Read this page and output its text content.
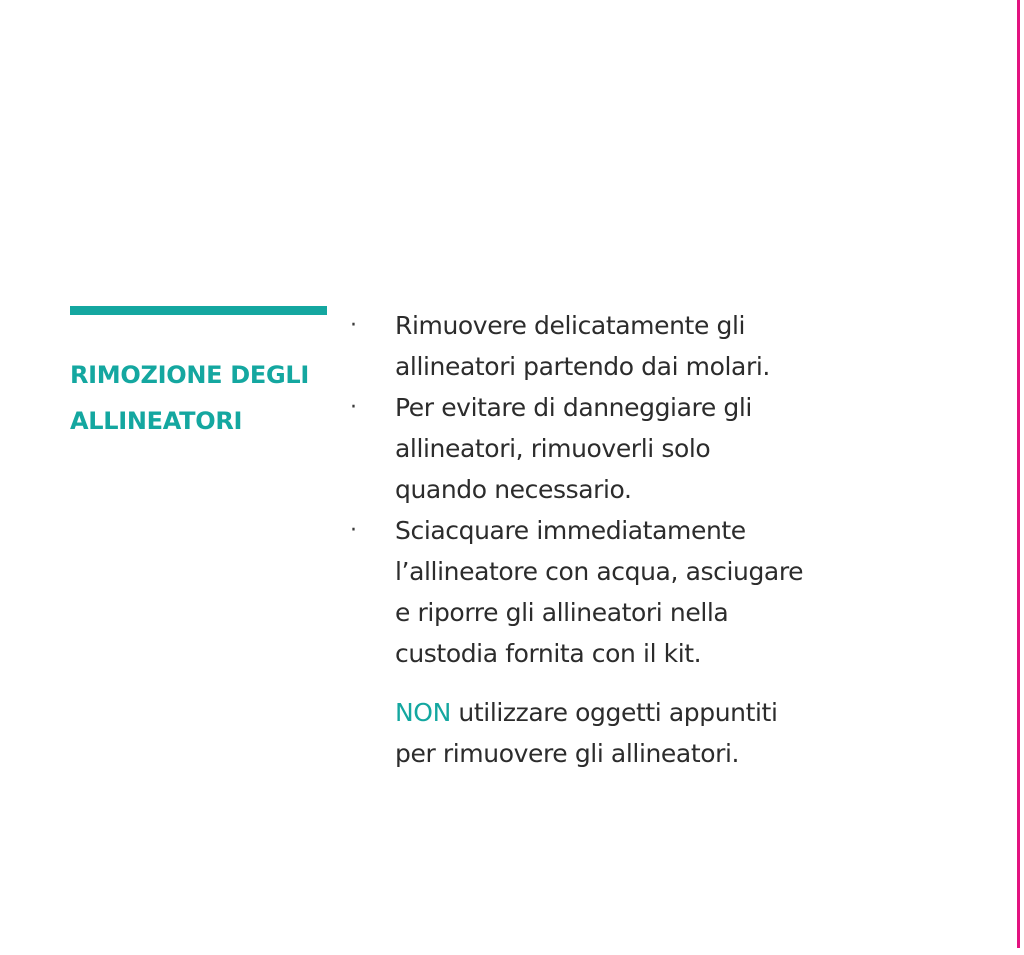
RIMOZIONE DEGLI
ALLINEATORI
· Rimuovere delicatamente gli
allineatori partendo dai molari.
· Per evitare di danneggiare gli
allineatori, rimuoverli solo
quando necessario.
· Sciacquare immediatamente
l’allineatore con acqua, asciugare
e riporre gli allineatori nella
custodia fornita con il kit.
NON utilizzare oggetti appuntiti
per rimuovere gli allineatori.
